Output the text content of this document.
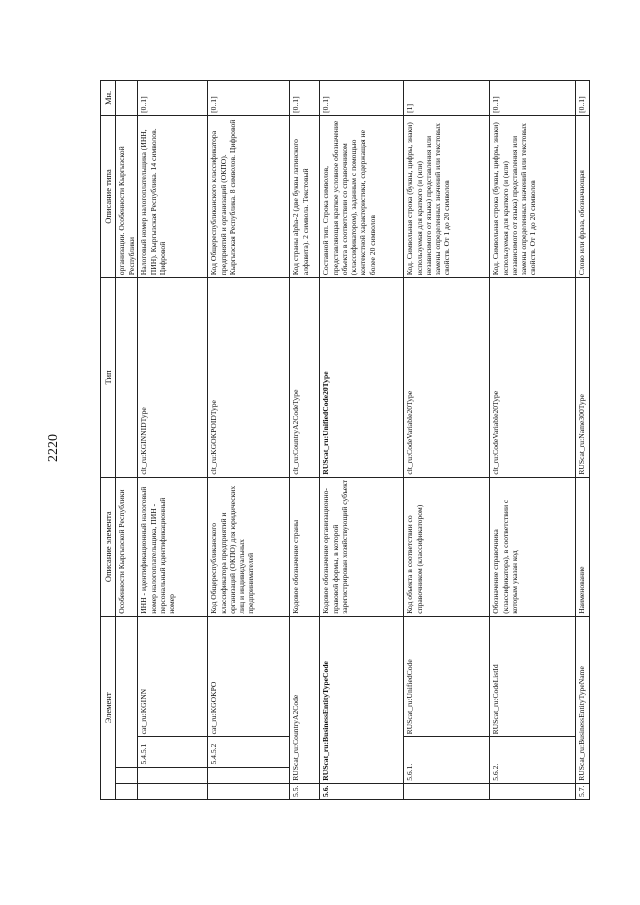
2220
Элемент				Описание элемента	Тип	Описание типа	Мн.
				Особенности Кыргызской Республики		организации. Особенности Кыргызской Республики	
		5.4.5.1	cat_ru:KGINN	ИНН - идентификационный налоговый номер налогоплательщика, ПИН - персональный идентификационный номер	clt_ru:KGINNIDType	Налоговый номер налогоплательщика (ИНН, ПИН). Кыргызская Республика. 14 символов. Цифровой	[0..1]
		5.4.5.2	cat_ru:KGOKPO	Код Общереспубликанского классификатора предприятий и организаций (ОКПО) для юридических лиц и индивидуальных предпринимателей	clt_ru:KGOKPOIDType	Код Общереспубликанского классификатора предприятий и организаций (ОКПО). Кыргызская Республика. 8 символов. Цифровой	[0..1]
5.5.	RUScat_ru:CountryA2Code			Кодовое обозначение страны	clt_ru:CountryA2CodeType	Код страны alpha-2 (две буквы латинского алфавита). 2 символа. Текстовый	[0..1]
5.6.	RUScat_ru:BusinessEntityTypeCode			Кодовое обозначение организационно-правовой формы, в которой зарегистрирован хозяйствующий субъект	RUScat_ru:UnifiedCode20Type	Составной тип. Строка символов, представляющая краткое условное обозначение объекта в соответствии со справочником (классификатором), заданным с помощью контекстной характеристики, содержащая не более 20 символов	[0..1]
	5.6.1.		RUScat_ru:UnifiedCode	Код объекта в соответствии со справочником (классификатором)	clt_ru:CodeVariable20Type	Код. Символьная строка (буквы, цифры, знаки) используемая для краткого (и (или) независимого от языка) представления или замены определенных значений или текстовых свойств. От 1 до 20 символов	[1]
	5.6.2.		RUScat_ru:CodeListId	Обозначение справочника (классификатора), в соответствии с которым указан код	clt_ru:CodeVariable20Type	Код. Символьная строка (буквы, цифры, знаки) используемая для краткого (и (или) независимого от языка) представления или замены определенных значений или текстовых свойств. От 1 до 20 символов	[0..1]
5.7.	RUScat_ru:BusinessEntityTypeName			Наименование	RUScat_ru:Name300Type	Слово или фраза, обозначающая	[0..1]
